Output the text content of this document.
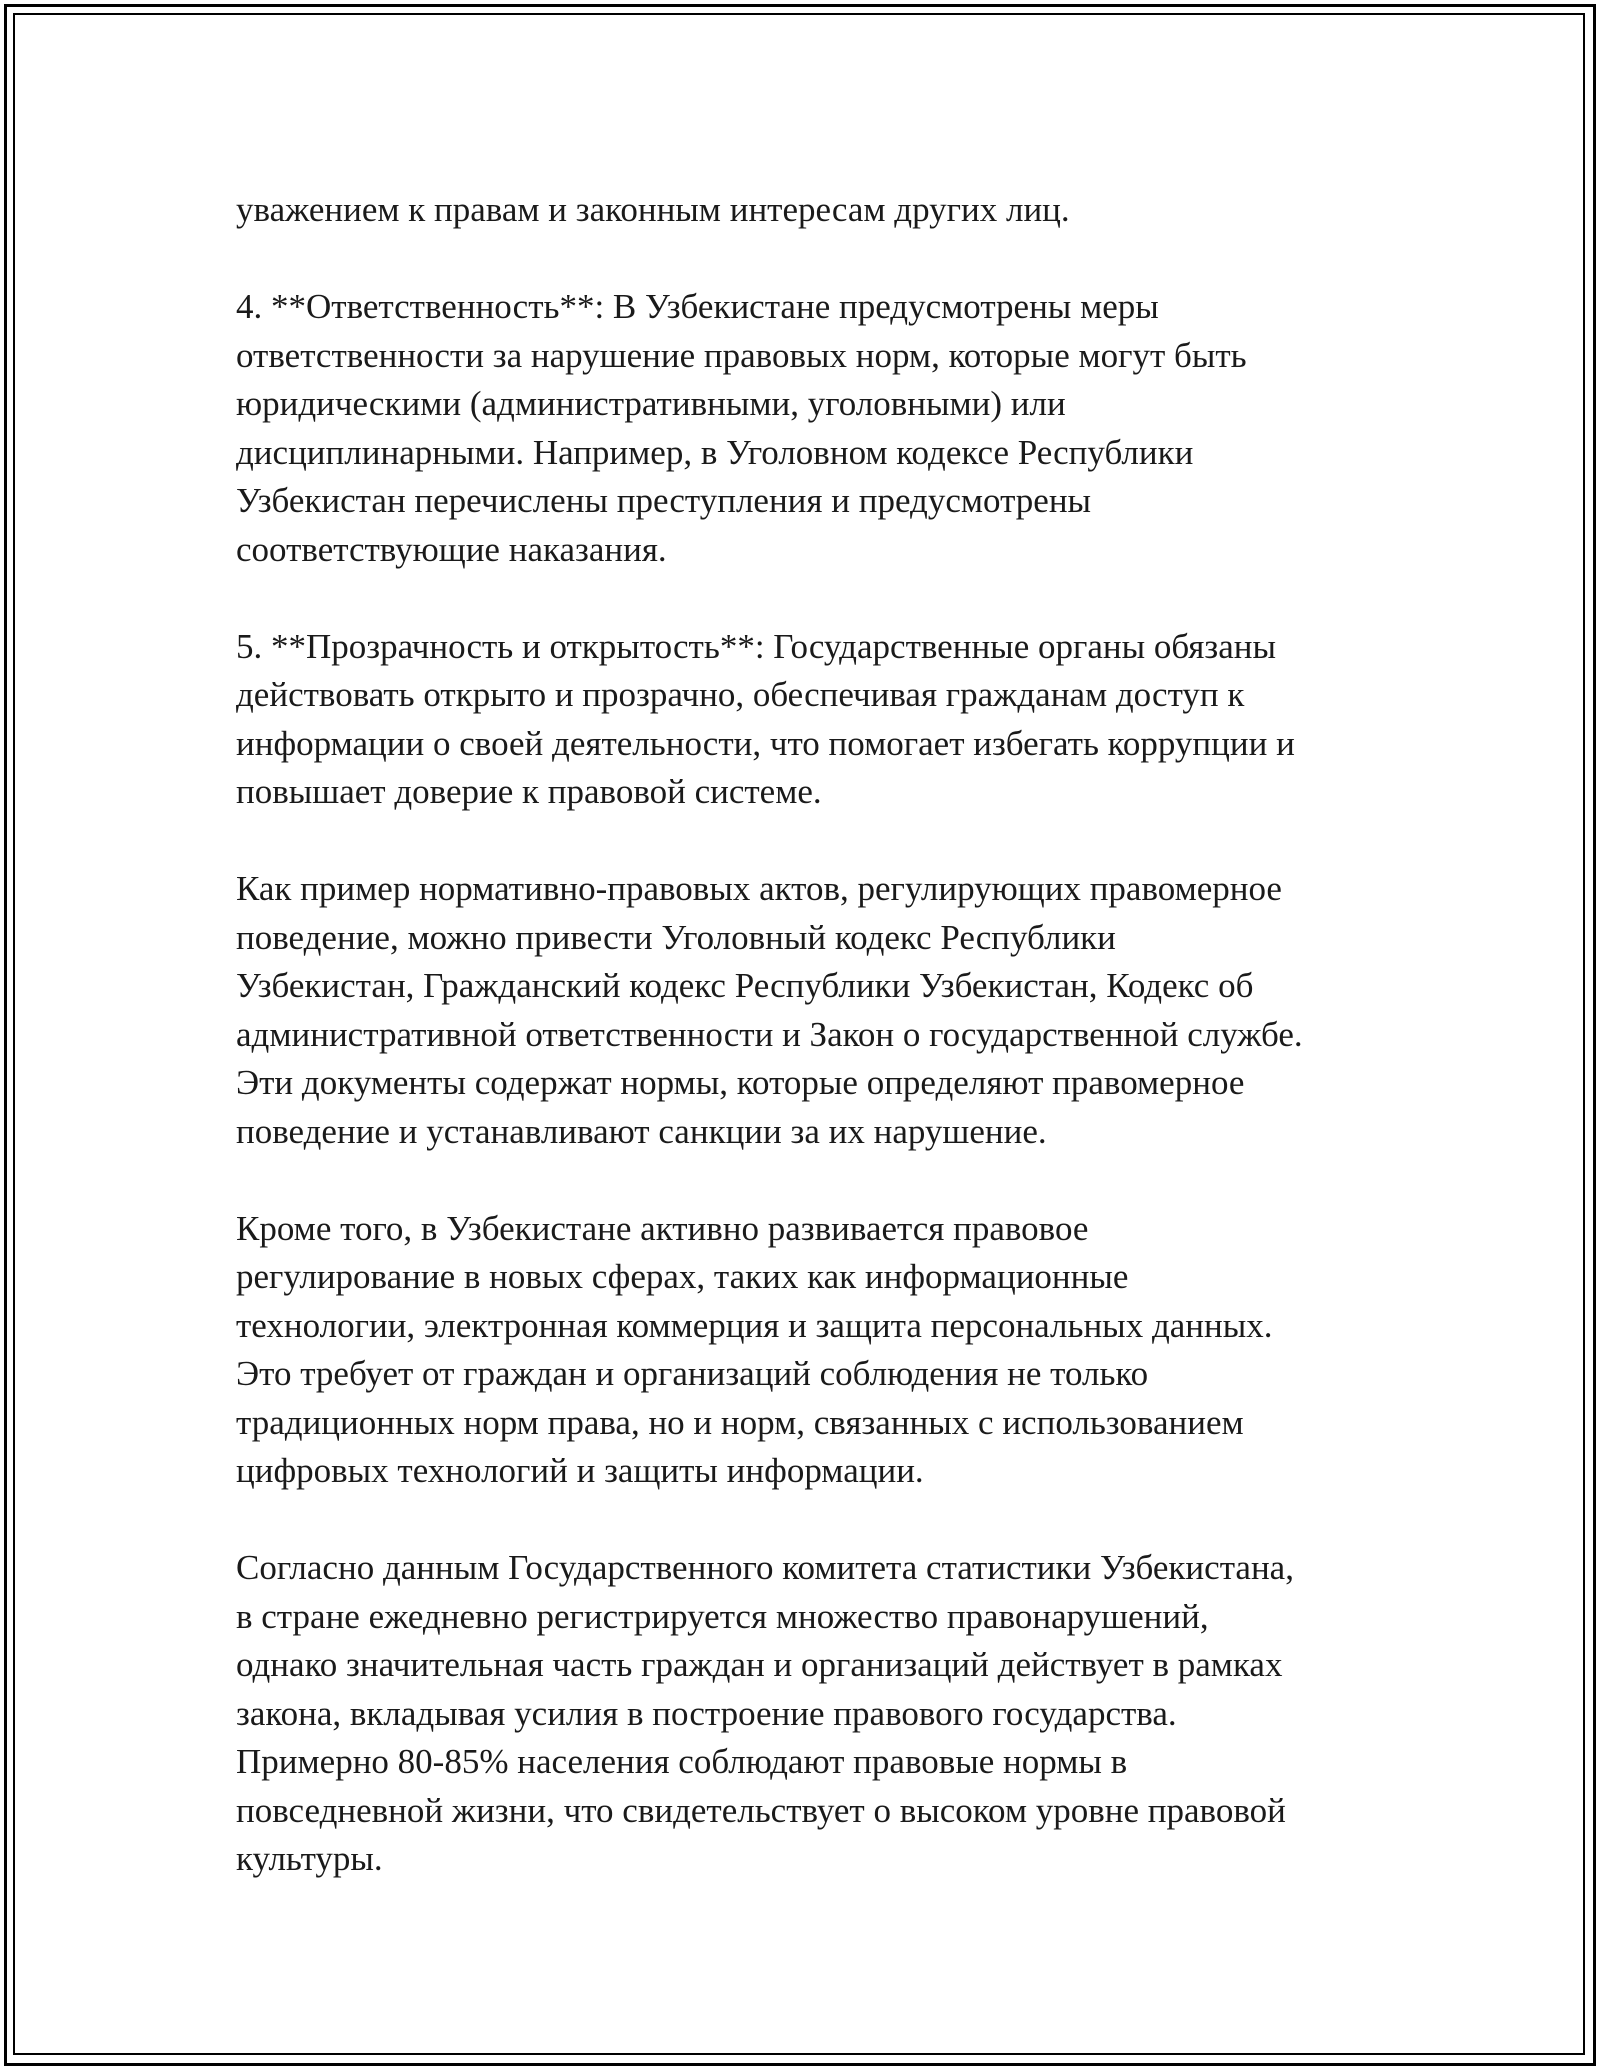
уважением к правам и законным интересам других лиц.

4. **Ответственность**: В Узбекистане предусмотрены меры
ответственности за нарушение правовых норм, которые могут быть
юридическими (административными, уголовными) или
дисциплинарными. Например, в Уголовном кодексе Республики
Узбекистан перечислены преступления и предусмотрены
соответствующие наказания.

5. **Прозрачность и открытость**: Государственные органы обязаны
действовать открыто и прозрачно, обеспечивая гражданам доступ к
информации о своей деятельности, что помогает избегать коррупции и
повышает доверие к правовой системе.

Как пример нормативно-правовых актов, регулирующих правомерное
поведение, можно привести Уголовный кодекс Республики
Узбекистан, Гражданский кодекс Республики Узбекистан, Кодекс об
административной ответственности и Закон о государственной службе.
Эти документы содержат нормы, которые определяют правомерное
поведение и устанавливают санкции за их нарушение.

Кроме того, в Узбекистане активно развивается правовое
регулирование в новых сферах, таких как информационные
технологии, электронная коммерция и защита персональных данных.
Это требует от граждан и организаций соблюдения не только
традиционных норм права, но и норм, связанных с использованием
цифровых технологий и защиты информации.

Согласно данным Государственного комитета статистики Узбекистана,
в стране ежедневно регистрируется множество правонарушений,
однако значительная часть граждан и организаций действует в рамках
закона, вкладывая усилия в построение правового государства.
Примерно 80-85% населения соблюдают правовые нормы в
повседневной жизни, что свидетельствует о высоком уровне правовой
культуры.
